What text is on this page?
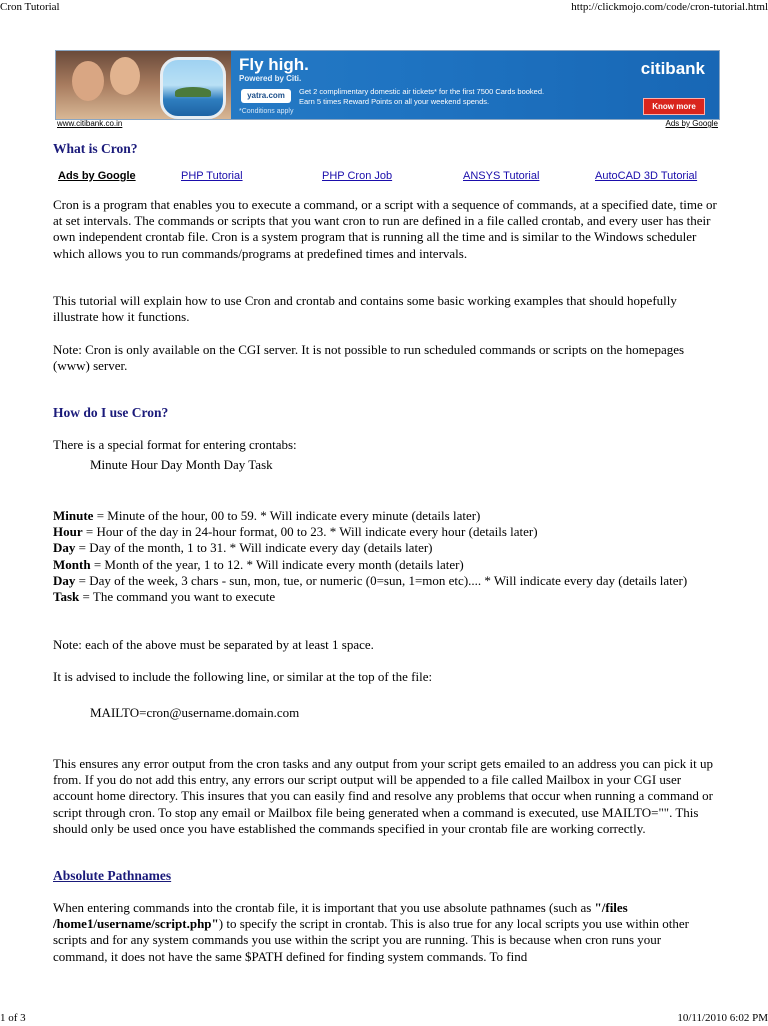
Cron Tutorial	http://clickmojo.com/code/cron-tutorial.html
Fly high.
Powered by Citi.
yatra.com
*Conditions apply
Get 2 complimentary domestic air tickets* for the first 7500 Cards booked.
Earn 5 times Reward Points on all your weekend spends.
citibank
Know more
www.citibank.co.in	Ads by Google
What is Cron?
Ads by Google	PHP Tutorial	PHP Cron Job	ANSYS Tutorial	AutoCAD 3D Tutorial
Cron is a program that enables you to execute a command, or a script with a sequence of commands, at a specified date, time or at set intervals. The commands or scripts that you want cron to run are defined in a file called crontab, and every user has their own independent crontab file. Cron is a system program that is running all the time and is similar to the Windows scheduler which allows you to run commands/programs at predefined times and intervals.
This tutorial will explain how to use Cron and crontab and contains some basic working examples that should hopefully illustrate how it functions.
Note: Cron is only available on the CGI server. It is not possible to run scheduled commands or scripts on the homepages (www) server.
How do I use Cron?
There is a special format for entering crontabs:
Minute Hour Day Month Day Task
Minute = Minute of the hour, 00 to 59. * Will indicate every minute (details later)
Hour = Hour of the day in 24-hour format, 00 to 23. * Will indicate every hour (details later)
Day = Day of the month, 1 to 31. * Will indicate every day (details later)
Month = Month of the year, 1 to 12. * Will indicate every month (details later)
Day = Day of the week, 3 chars - sun, mon, tue, or numeric (0=sun, 1=mon etc).... * Will indicate every day (details later)
Task = The command you want to execute
Note: each of the above must be separated by at least 1 space.
It is advised to include the following line, or similar at the top of the file:
MAILTO=cron@username.domain.com
This ensures any error output from the cron tasks and any output from your script gets emailed to an address you can pick it up from. If you do not add this entry, any errors our script output will be appended to a file called Mailbox in your CGI user account home directory. This insures that you can easily find and resolve any problems that occur when running a command or script through cron. To stop any email or Mailbox file being generated when a command is executed, use MAILTO="". This should only be used once you have established the commands specified in your crontab file are working correctly.
Absolute Pathnames
When entering commands into the crontab file, it is important that you use absolute pathnames (such as "/files /home1/username/script.php") to specify the script in crontab. This is also true for any local scripts you use within other scripts and for any system commands you use within the script you are running. This is because when cron runs your command, it does not have the same $PATH defined for finding system commands. To find
1 of 3	10/11/2010 6:02 PM
